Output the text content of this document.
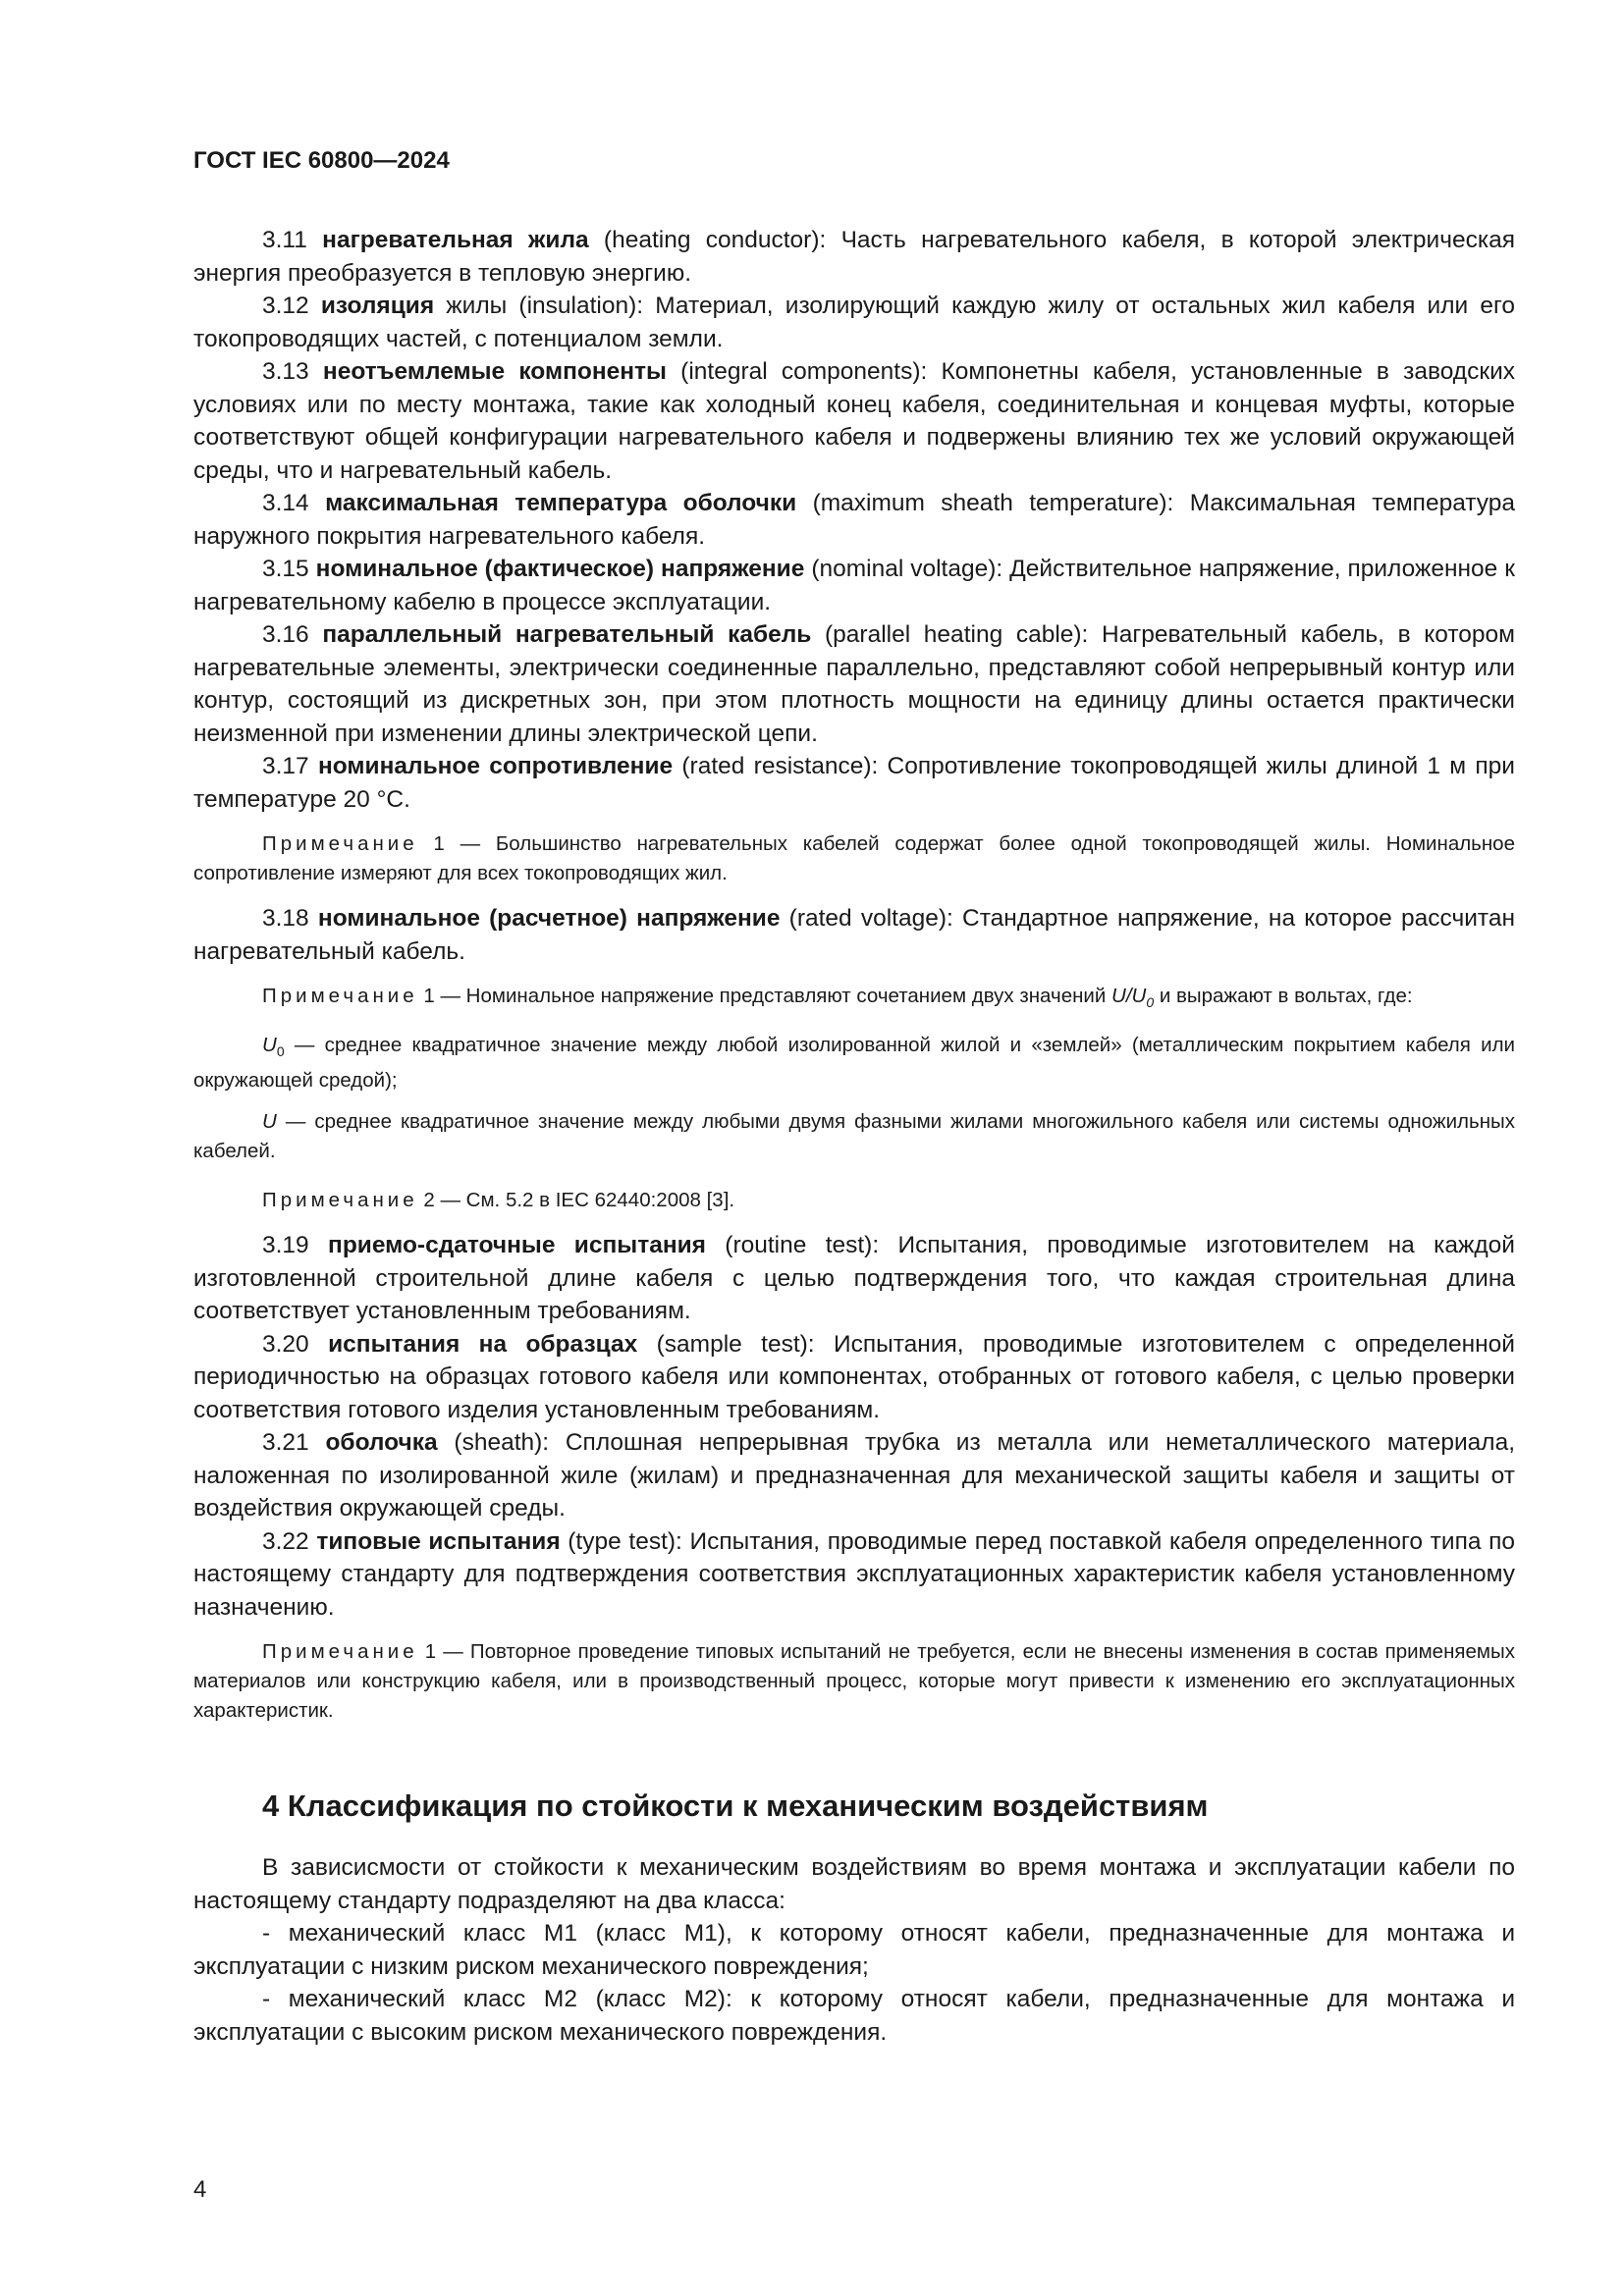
ГОСТ IEC 60800—2024

3.11 нагревательная жила (heating conductor): Часть нагревательного кабеля, в которой электрическая энергия преобразуется в тепловую энергию.

3.12 изоляция жилы (insulation): Материал, изолирующий каждую жилу от остальных жил кабеля или его токопроводящих частей, с потенциалом земли.

3.13 неотъемлемые компоненты (integral components): Компонетны кабеля, установленные в заводских условиях или по месту монтажа, такие как холодный конец кабеля, соединительная и концевая муфты, которые соответствуют общей конфигурации нагревательного кабеля и подвержены влиянию тех же условий окружающей среды, что и нагревательный кабель.

3.14 максимальная температура оболочки (maximum sheath temperature): Максимальная температура наружного покрытия нагревательного кабеля.

3.15 номинальное (фактическое) напряжение (nominal voltage): Действительное напряжение, приложенное к нагревательному кабелю в процессе эксплуатации.

3.16 параллельный нагревательный кабель (parallel heating cable): Нагревательный кабель, в котором нагревательные элементы, электрически соединенные параллельно, представляют собой непрерывный контур или контур, состоящий из дискретных зон, при этом плотность мощности на единицу длины остается практически неизменной при изменении длины электрической цепи.

3.17 номинальное сопротивление (rated resistance): Сопротивление токопроводящей жилы длиной 1 м при температуре 20 °С.

Примечание 1 — Большинство нагревательных кабелей содержат более одной токопроводящей жилы. Номинальное сопротивление измеряют для всех токопроводящих жил.

3.18 номинальное (расчетное) напряжение (rated voltage): Стандартное напряжение, на которое рассчитан нагревательный кабель.

Примечание 1 — Номинальное напряжение представляют сочетанием двух значений $U/U_0$ и выражают в вольтах, где:

$U_0$ — среднее квадратичное значение между любой изолированной жилой и «землей» (металлическим покрытием кабеля или окружающей средой);

U — среднее квадратичное значение между любыми двумя фазными жилами многожильного кабеля или системы одножильных кабелей.

Примечание 2 — См. 5.2 в IEC 62440:2008 [3].

3.19 приемо-сдаточные испытания (routine test): Испытания, проводимые изготовителем на каждой изготовленной строительной длине кабеля с целью подтверждения того, что каждая строительная длина соответствует установленным требованиям.

3.20 испытания на образцах (sample test): Испытания, проводимые изготовителем с определенной периодичностью на образцах готового кабеля или компонентах, отобранных от готового кабеля, с целью проверки соответствия готового изделия установленным требованиям.

3.21 оболочка (sheath): Сплошная непрерывная трубка из металла или неметаллического материала, наложенная по изолированной жиле (жилам) и предназначенная для механической защиты кабеля и защиты от воздействия окружающей среды.

3.22 типовые испытания (type test): Испытания, проводимые перед поставкой кабеля определенного типа по настоящему стандарту для подтверждения соответствия эксплуатационных характеристик кабеля установленному назначению.

Примечание 1 — Повторное проведение типовых испытаний не требуется, если не внесены изменения в состав применяемых материалов или конструкцию кабеля, или в производственный процесс, которые могут привести к изменению его эксплуатационных характеристик.

4 Классификация по стойкости к механическим воздействиям

В зависисмости от стойкости к механическим воздействиям во время монтажа и эксплуатации кабели по настоящему стандарту подразделяют на два класса:

- механический класс М1 (класс М1), к которому относят кабели, предназначенные для монтажа и эксплуатации с низким риском механического повреждения;

- механический класс М2 (класс М2): к которому относят кабели, предназначенные для монтажа и эксплуатации с высоким риском механического повреждения.

4
